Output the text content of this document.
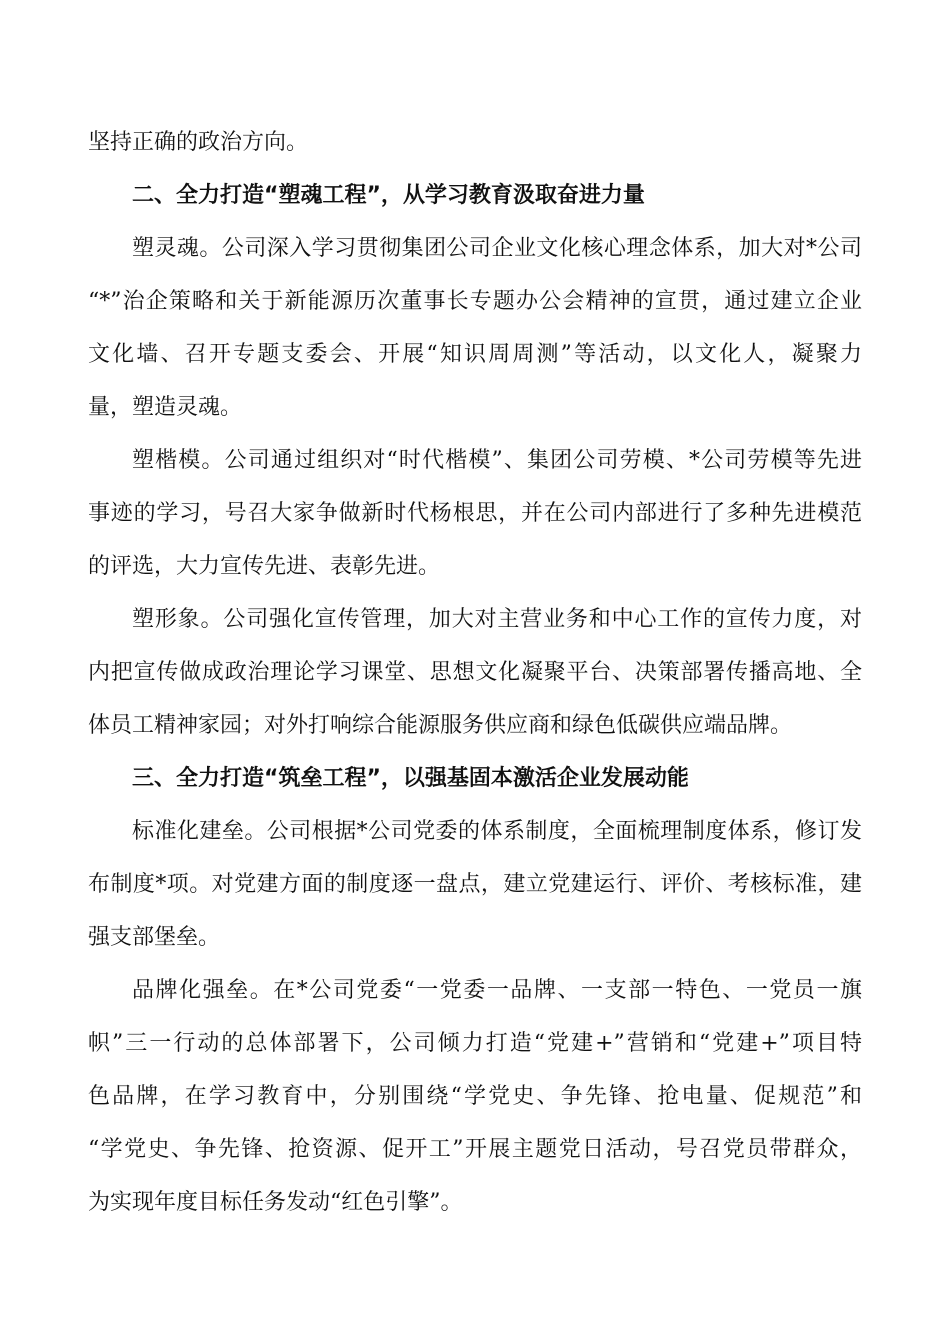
坚持正确的政治方向。
二、全力打造“塑魂工程”，从学习教育汲取奋进力量
塑灵魂。公司深入学习贯彻集团公司企业文化核心理念体系，加大对*公司
“*”治企策略和关于新能源历次董事长专题办公会精神的宣贯，通过建立企业
文化墙、召开专题支委会、开展“知识周周测”等活动，以文化人，凝聚力
量，塑造灵魂。
塑楷模。公司通过组织对“时代楷模”、集团公司劳模、*公司劳模等先进
事迹的学习，号召大家争做新时代杨根思，并在公司内部进行了多种先进模范
的评选，大力宣传先进、表彰先进。
塑形象。公司强化宣传管理，加大对主营业务和中心工作的宣传力度，对
内把宣传做成政治理论学习课堂、思想文化凝聚平台、决策部署传播高地、全
体员工精神家园；对外打响综合能源服务供应商和绿色低碳供应端品牌。
三、全力打造“筑垒工程”，以强基固本激活企业发展动能
标准化建垒。公司根据*公司党委的体系制度，全面梳理制度体系，修订发
布制度*项。对党建方面的制度逐一盘点，建立党建运行、评价、考核标准，建
强支部堡垒。
品牌化强垒。在*公司党委“一党委一品牌、一支部一特色、一党员一旗
帜”三一行动的总体部署下，公司倾力打造“党建+”营销和“党建+”项目特
色品牌，在学习教育中，分别围绕“学党史、争先锋、抢电量、促规范”和
“学党史、争先锋、抢资源、促开工”开展主题党日活动，号召党员带群众，
为实现年度目标任务发动“红色引擎”。
